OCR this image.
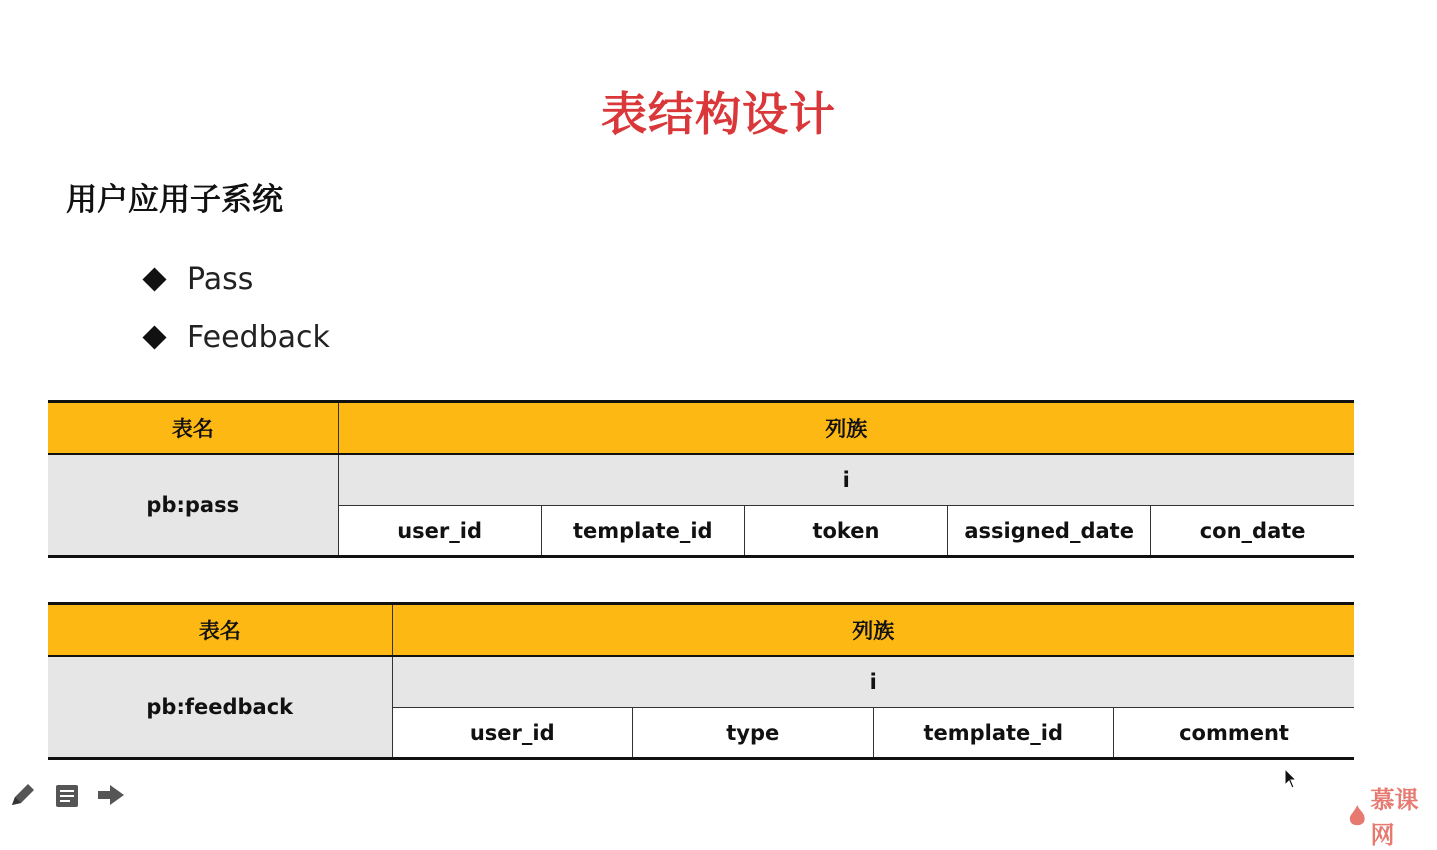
表结构设计
用户应用子系统
Pass
Feedback
表名	列族				
pb:pass	i				
	user_id	template_id	token	assigned_date	con_date
表名	列族			
pb:feedback	i			
	user_id	type	template_id	comment
慕课网
